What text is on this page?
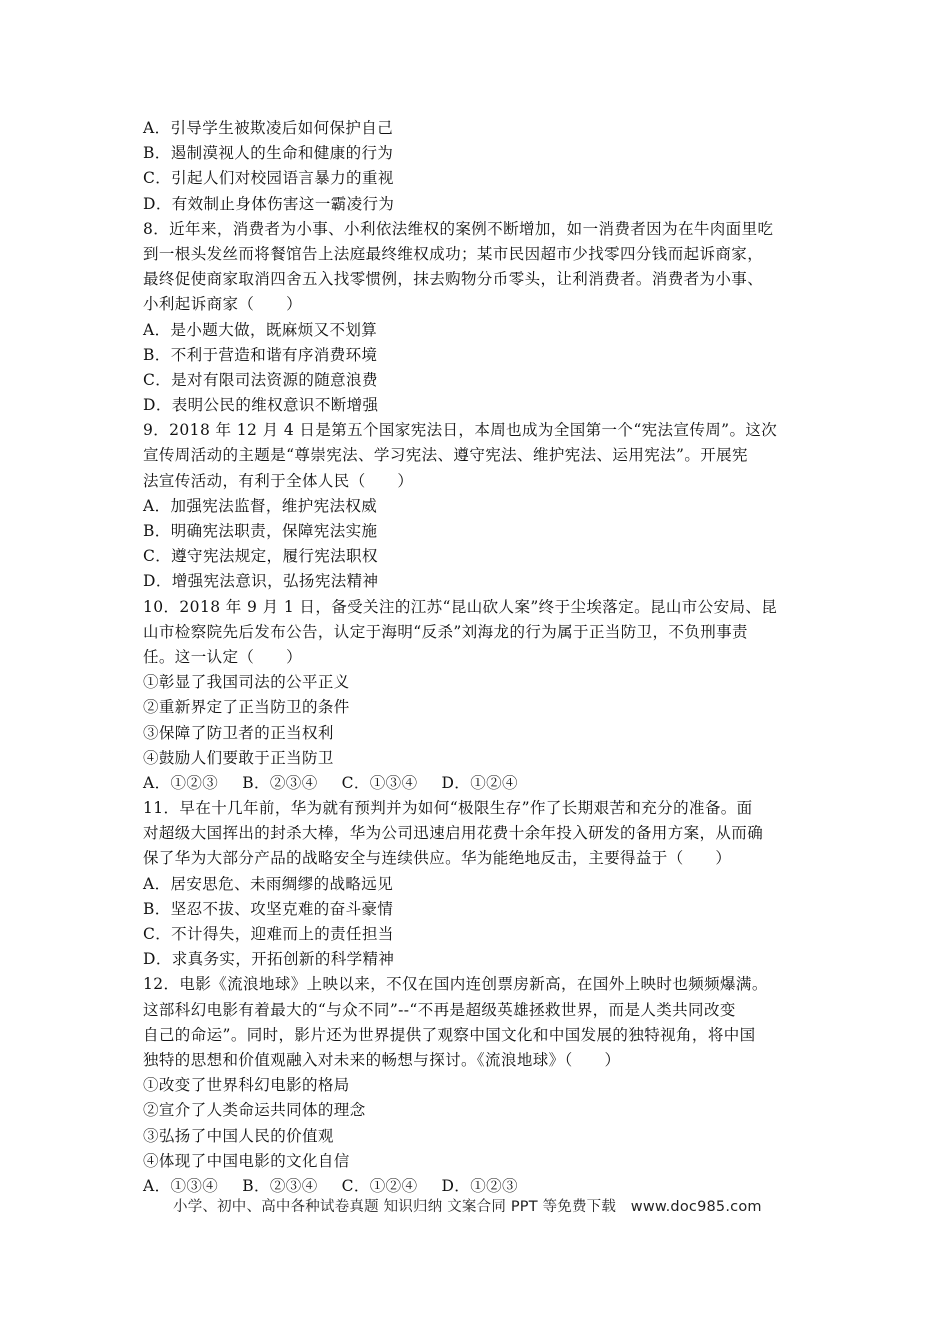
A．引导学生被欺凌后如何保护自己
B．遏制漠视人的生命和健康的行为
C．引起人们对校园语言暴力的重视
D．有效制止身体伤害这一霸凌行为
8．近年来，消费者为小事、小利依法维权的案例不断增加，如一消费者因为在牛肉面里吃
到一根头发丝而将餐馆告上法庭最终维权成功；某市民因超市少找零四分钱而起诉商家，
最终促使商家取消四舍五入找零惯例，抹去购物分币零头，让利消费者。消费者为小事、
小利起诉商家（　　）
A．是小题大做，既麻烦又不划算
B．不利于营造和谐有序消费环境
C．是对有限司法资源的随意浪费
D．表明公民的维权意识不断增强
9．2018 年 12 月 4 日是第五个国家宪法日，本周也成为全国第一个“宪法宣传周”。这次
宣传周活动的主题是“尊崇宪法、学习宪法、遵守宪法、维护宪法、运用宪法”。开展宪
法宣传活动，有利于全体人民（　　）
A．加强宪法监督，维护宪法权威
B．明确宪法职责，保障宪法实施
C．遵守宪法规定，履行宪法职权
D．增强宪法意识，弘扬宪法精神
10．2018 年 9 月 1 日，备受关注的江苏“昆山砍人案”终于尘埃落定。昆山市公安局、昆
山市检察院先后发布公告，认定于海明“反杀”刘海龙的行为属于正当防卫，不负刑事责
任。这一认定（　　）
①彰显了我国司法的公平正义
②重新界定了正当防卫的条件
③保障了防卫者的正当权利
④鼓励人们要敢于正当防卫
A．①②③ B．②③④ C．①③④ D．①②④
11．早在十几年前，华为就有预判并为如何“极限生存”作了长期艰苦和充分的准备。面
对超级大国挥出的封杀大棒，华为公司迅速启用花费十余年投入研发的备用方案，从而确
保了华为大部分产品的战略安全与连续供应。华为能绝地反击，主要得益于（　　）
A．居安思危、未雨绸缪的战略远见
B．坚忍不拔、攻坚克难的奋斗豪情
C．不计得失，迎难而上的责任担当
D．求真务实，开拓创新的科学精神
12．电影《流浪地球》上映以来，不仅在国内连创票房新高，在国外上映时也频频爆满。
这部科幻电影有着最大的“与众不同”--“不再是超级英雄拯救世界，而是人类共同改变
自己的命运”。同时，影片还为世界提供了观察中国文化和中国发展的独特视角，将中国
独特的思想和价值观融入对未来的畅想与探讨。《流浪地球》（　　）
①改变了世界科幻电影的格局
②宣介了人类命运共同体的理念
③弘扬了中国人民的价值观
④体现了中国电影的文化自信
A．①③④ B．②③④ C．①②④ D．①②③
小学、初中、高中各种试卷真题 知识归纳 文案合同 PPT 等免费下载　www.doc985.com
